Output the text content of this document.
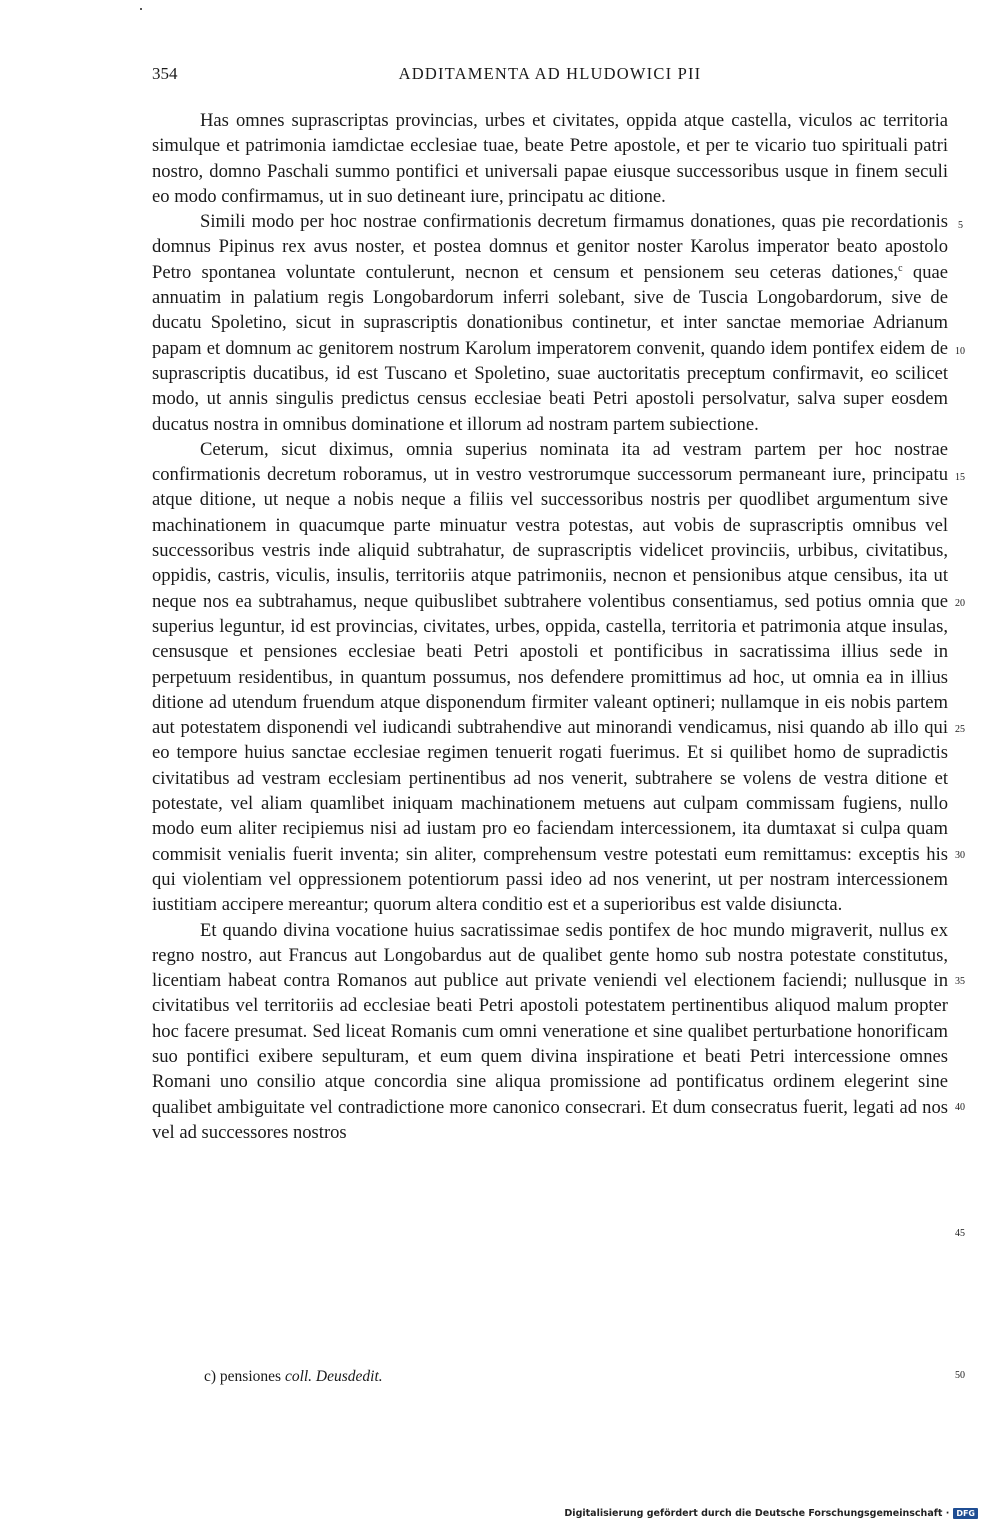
354	ADDITAMENTA AD HLUDOWICI PII

Has omnes suprascriptas provincias, urbes et civitates, oppida atque castella, viculos ac territoria simulque et patrimonia iamdictae ecclesiae tuae, beate Petre apostole, et per te vicario tuo spirituali patri nostro, domno Paschali summo pontifici et universali papae eiusque successoribus usque in finem seculi eo modo confirmamus, ut in suo detineant iure, principatu ac ditione.

Simili modo per hoc nostrae confirmationis decretum firmamus donationes, quas pie recordationis domnus Pipinus rex avus noster, et postea domnus et genitor noster Karolus imperator beato apostolo Petro spontanea voluntate contulerunt, necnon et censum et pensionem seu ceteras dationes,$^c$ quae annuatim in palatium regis Longobardorum inferri solebant, sive de Tuscia Longobardorum, sive de ducatu Spoletino, sicut in suprascriptis donationibus continetur, et inter sanctae memoriae Adrianum papam et domnum ac genitorem nostrum Karolum imperatorem convenit, quando idem pontifex eidem de suprascriptis ducatibus, id est Tuscano et Spoletino, suae auctoritatis preceptum confirmavit, eo scilicet modo, ut annis singulis predictus census ecclesiae beati Petri apostoli persolvatur, salva super eosdem ducatus nostra in omnibus dominatione et illorum ad nostram partem subiectione.

Ceterum, sicut diximus, omnia superius nominata ita ad vestram partem per hoc nostrae confirmationis decretum roboramus, ut in vestro vestrorumque successorum permaneant iure, principatu atque ditione, ut neque a nobis neque a filiis vel successoribus nostris per quodlibet argumentum sive machinationem in quacumque parte minuatur vestra potestas, aut vobis de suprascriptis omnibus vel successoribus vestris inde aliquid subtrahatur, de suprascriptis videlicet provinciis, urbibus, civitatibus, oppidis, castris, viculis, insulis, territoriis atque patrimoniis, necnon et pensionibus atque censibus, ita ut neque nos ea subtrahamus, neque quibuslibet subtrahere volentibus consentiamus, sed potius omnia que superius leguntur, id est provincias, civitates, urbes, oppida, castella, territoria et patrimonia atque insulas, censusque et pensiones ecclesiae beati Petri apostoli et pontificibus in sacratissima illius sede in perpetuum residentibus, in quantum possumus, nos defendere promittimus ad hoc, ut omnia ea in illius ditione ad utendum fruendum atque disponendum firmiter valeant optineri; nullamque in eis nobis partem aut potestatem disponendi vel iudicandi subtrahendive aut minorandi vendicamus, nisi quando ab illo qui eo tempore huius sanctae ecclesiae regimen tenuerit rogati fuerimus. Et si quilibet homo de supradictis civitatibus ad vestram ecclesiam pertinentibus ad nos venerit, subtrahere se volens de vestra ditione et potestate, vel aliam quamlibet iniquam machinationem metuens aut culpam commissam fugiens, nullo modo eum aliter recipiemus nisi ad iustam pro eo faciendam intercessionem, ita dumtaxat si culpa quam commisit venialis fuerit inventa; sin aliter, comprehensum vestre potestati eum remittamus: exceptis his qui violentiam vel oppressionem potentiorum passi ideo ad nos venerint, ut per nostram intercessionem iustitiam accipere mereantur; quorum altera conditio est et a superioribus est valde disiuncta.

Et quando divina vocatione huius sacratissimae sedis pontifex de hoc mundo migraverit, nullus ex regno nostro, aut Francus aut Longobardus aut de qualibet gente homo sub nostra potestate constitutus, licentiam habeat contra Romanos aut publice aut private veniendi vel electionem faciendi; nullusque in civitatibus vel territoriis ad ecclesiae beati Petri apostoli potestatem pertinentibus aliquod malum propter hoc facere presumat. Sed liceat Romanis cum omni veneratione et sine qualibet perturbatione honorificam suo pontifici exibere sepulturam, et eum quem divina inspiratione et beati Petri intercessione omnes Romani uno consilio atque concordia sine aliqua promissione ad pontificatus ordinem elegerint sine qualibet ambiguitate vel contradictione more canonico consecrari. Et dum consecratus fuerit, legati ad nos vel ad successores nostros

5
10
15
20
25
30
35
40
45
50
c) pensiones coll. Deusdedit.
Digitalisierung gefördert durch die Deutsche Forschungsgemeinschaft · DFG
